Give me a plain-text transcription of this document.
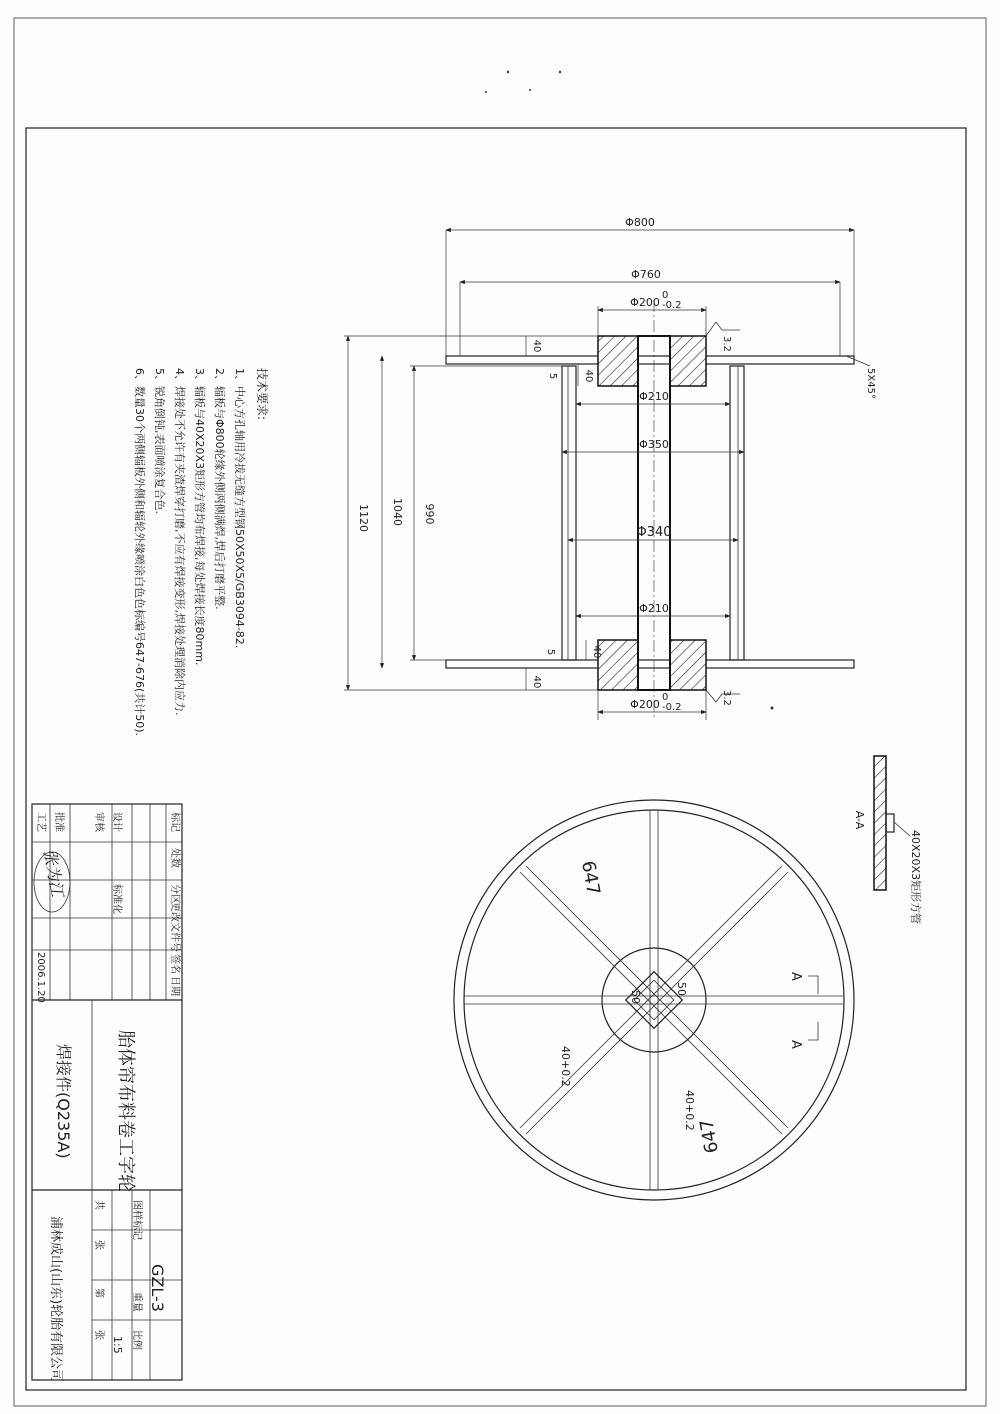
Φ800
Φ760
Φ200
0
-0.2
Φ200
0
-0.2
Φ210
Φ350
Φ340
Φ210
1120 1040 990
40
5	40
40
5
40
3.2
3.2
5X45°
技术要求:
1、中心方孔轴用冷拔无缝方型钢50X50X5/GB3094-82.
2、辐板与Φ800轮缘外侧两侧满焊,焊后打磨平整.
3、辐板与40X20X3矩形方管均布焊接,每处焊接长度80mm.
4、焊接处不允许有夹渣焊穿打磨,不应有焊接变形,焊接处理消除内应力.
5、锐角倒钝,表面喷涂复合色.
6、数量30个两侧辐板外侧和辐轮外缘喷涂白色色标编号647-676(共计50).
A-A
40X20X3矩形方管
647
647
50
50
40+0.2
40+0.2
A
A
标记
处数
分区
更改文件号
签名
日期
设计
审核
工艺
标准化
批准
张为江
2006.1.20
胎体帘布料卷工字轮
焊接件(Q235A)
浦林成山(山东)轮胎有限公司	GZL-3
图样标记
重量
比例
1:5
共
张
第
张
